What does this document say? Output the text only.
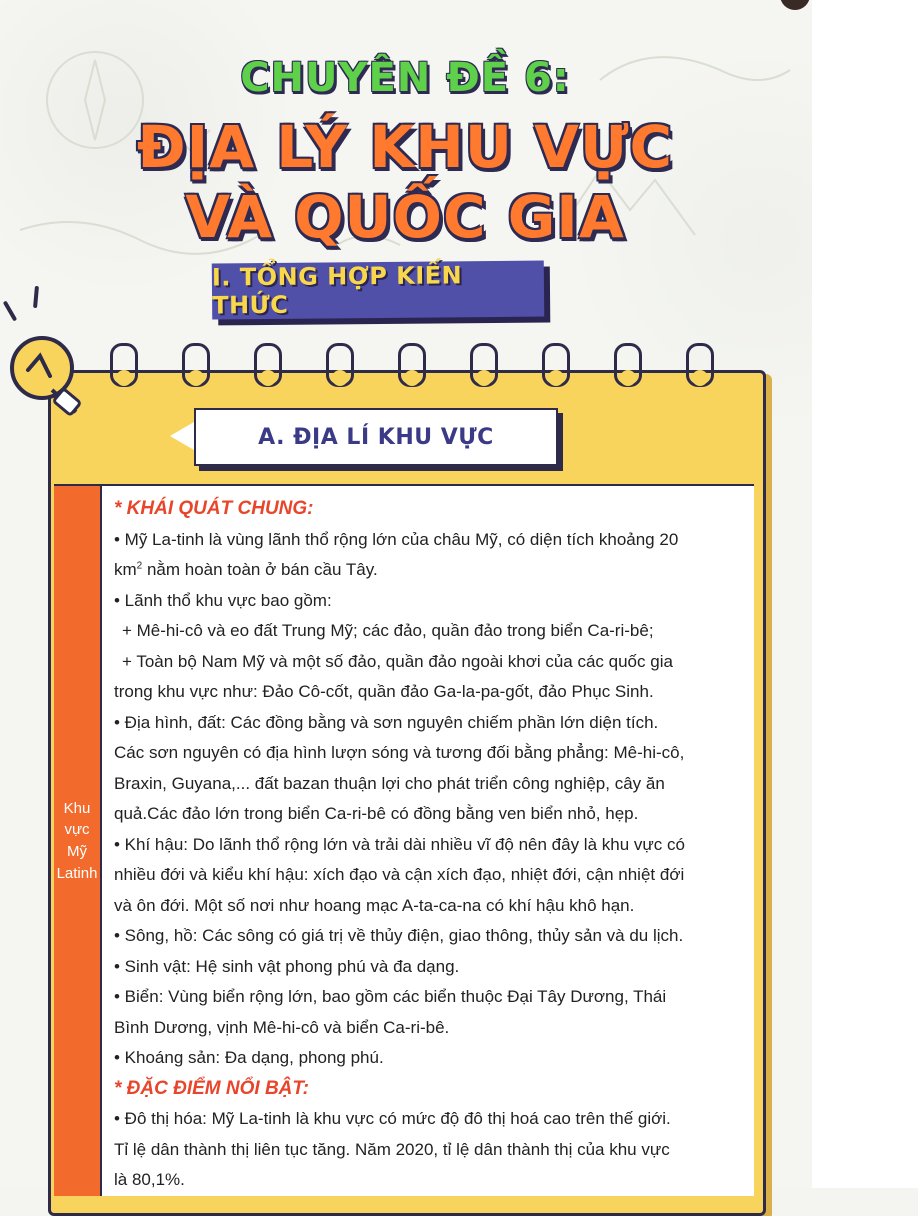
CHUYÊN ĐỀ 6:
ĐỊA LÝ KHU VỰC
VÀ QUỐC GIA
I. TỔNG HỢP KIẾN THỨC
A. ĐỊA LÍ KHU VỰC
Khu
vực Mỹ
Latinh

* KHÁI QUÁT CHUNG:

• Mỹ La-tinh là vùng lãnh thổ rộng lớn của châu Mỹ, có diện tích khoảng 20

$km^2$ nằm hoàn toàn ở bán cầu Tây.

• Lãnh thổ khu vực bao gồm:

+ Mê-hi-cô và eo đất Trung Mỹ; các đảo, quần đảo trong biển Ca-ri-bê;

+ Toàn bộ Nam Mỹ và một số đảo, quần đảo ngoài khơi của các quốc gia

trong khu vực như: Đảo Cô-cốt, quần đảo Ga-la-pa-gốt, đảo Phục Sinh.

• Địa hình, đất: Các đồng bằng và sơn nguyên chiếm phần lớn diện tích.

Các sơn nguyên có địa hình lượn sóng và tương đối bằng phẳng: Mê-hi-cô,

Braxin, Guyana,... đất bazan thuận lợi cho phát triển công nghiệp, cây ăn

quả.Các đảo lớn trong biển Ca-ri-bê có đồng bằng ven biển nhỏ, hẹp.

• Khí hậu: Do lãnh thổ rộng lớn và trải dài nhiều vĩ độ nên đây là khu vực có

nhiều đới và kiểu khí hậu: xích đạo và cận xích đạo, nhiệt đới, cận nhiệt đới

và ôn đới. Một số nơi như hoang mạc A-ta-ca-na có khí hậu khô hạn.

• Sông, hồ: Các sông có giá trị về thủy điện, giao thông, thủy sản và du lịch.

• Sinh vật: Hệ sinh vật phong phú và đa dạng.

• Biển: Vùng biển rộng lớn, bao gồm các biển thuộc Đại Tây Dương, Thái

Bình Dương, vịnh Mê-hi-cô và biển Ca-ri-bê.

• Khoáng sản: Đa dạng, phong phú.

* ĐẶC ĐIỂM NỔI BẬT:

• Đô thị hóa: Mỹ La-tinh là khu vực có mức độ đô thị hoá cao trên thế giới.

Tỉ lệ dân thành thị liên tục tăng. Năm 2020, tỉ lệ dân thành thị của khu vực

là 80,1%.
